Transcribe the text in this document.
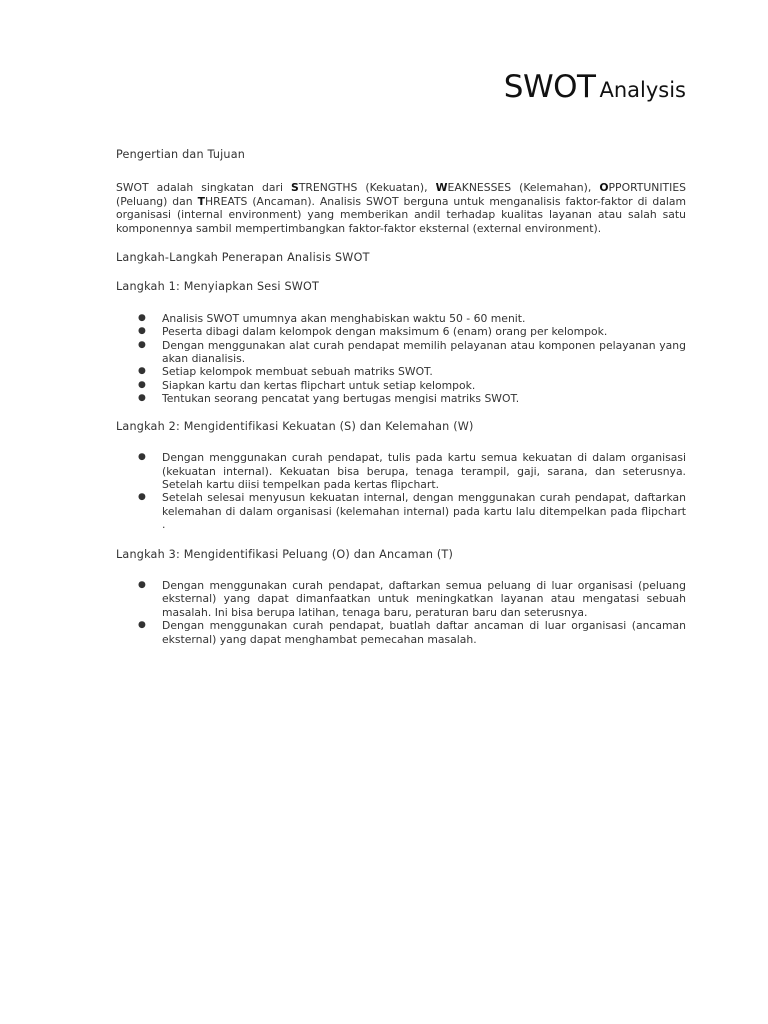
SWOT Analysis
Pengertian dan Tujuan

SWOT adalah singkatan dari STRENGTHS (Kekuatan), WEAKNESSES (Kelemahan), OPPORTUNITIES (Peluang) dan THREATS (Ancaman). Analisis SWOT berguna untuk menganalisis faktor-faktor di dalam organisasi (internal environment) yang memberikan andil terhadap kualitas layanan atau salah satu komponennya sambil mempertimbangkan faktor-faktor eksternal (external environment).

Langkah-Langkah Penerapan Analisis SWOT
Langkah 1: Menyiapkan Sesi SWOT
● Analisis SWOT umumnya akan menghabiskan waktu 50 - 60 menit.
● Peserta dibagi dalam kelompok dengan maksimum 6 (enam) orang per kelompok.
● Dengan menggunakan alat curah pendapat memilih pelayanan atau komponen pelayanan yang akan dianalisis.
● Setiap kelompok membuat sebuah matriks SWOT.
● Siapkan kartu dan kertas flipchart untuk setiap kelompok.
● Tentukan seorang pencatat yang bertugas mengisi matriks SWOT.
Langkah 2: Mengidentifikasi Kekuatan (S) dan Kelemahan (W)
● Dengan menggunakan curah pendapat, tulis pada kartu semua kekuatan di dalam organisasi (kekuatan internal). Kekuatan bisa berupa, tenaga terampil, gaji, sarana, dan seterusnya. Setelah kartu diisi tempelkan pada kertas flipchart.
● Setelah selesai menyusun kekuatan internal, dengan menggunakan curah pendapat, daftarkan kelemahan di dalam organisasi (kelemahan internal) pada kartu lalu ditempelkan pada flipchart .
Langkah 3: Mengidentifikasi Peluang (O) dan Ancaman (T)
● Dengan menggunakan curah pendapat, daftarkan semua peluang di luar organisasi (peluang eksternal) yang dapat dimanfaatkan untuk meningkatkan layanan atau mengatasi sebuah masalah. Ini bisa berupa latihan, tenaga baru, peraturan baru dan seterusnya.
● Dengan menggunakan curah pendapat, buatlah daftar ancaman di luar organisasi (ancaman eksternal) yang dapat menghambat pemecahan masalah.
